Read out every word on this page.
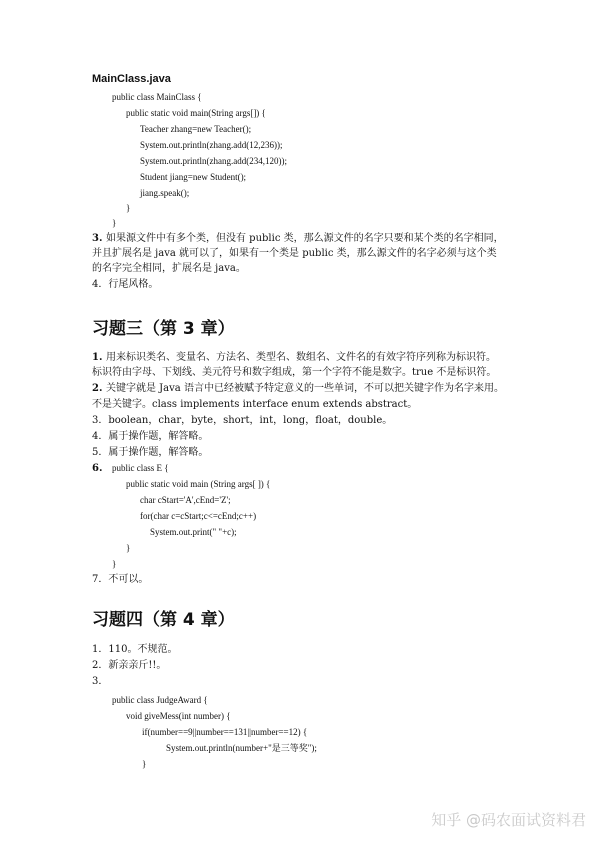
MainClass.java
public class MainClass {
public static void main(String args[]) {
Teacher zhang=new Teacher();
System.out.println(zhang.add(12,236));
System.out.println(zhang.add(234,120));
Student jiang=new Student();
jiang.speak();
}
}
3. 如果源文件中有多个类，但没有 public 类，那么源文件的名字只要和某个类的名字相同，
并且扩展名是 java 就可以了，如果有一个类是 public 类，那么源文件的名字必须与这个类
的名字完全相同，扩展名是 java。
4．行尾风格。
习题三（第 3 章）
1. 用来标识类名、变量名、方法名、类型名、数组名、文件名的有效字符序列称为标识符。
标识符由字母、下划线、美元符号和数字组成，第一个字符不能是数字。true 不是标识符。
2. 关键字就是 Java 语言中已经被赋予特定意义的一些单词，不可以把关键字作为名字来用。
不是关键字。class implements interface enum extends abstract。
3．boolean，char，byte，short，int，long，float，double。
4．属于操作题，解答略。
5．属于操作题，解答略。
6. public class E {
public static void main (String args[ ]) {
char cStart='A',cEnd='Z';
for(char c=cStart;c<=cEnd;c++)
System.out.print(" "+c);
}
}
7．不可以。
习题四（第 4 章）
1．110。不规范。
2．新亲亲斤!!。
3．
public class JudgeAward {
void giveMess(int number) {
if(number==9||number==131||number==12) {
System.out.println(number+"是三等奖");
}
知乎 @码农面试资料君
